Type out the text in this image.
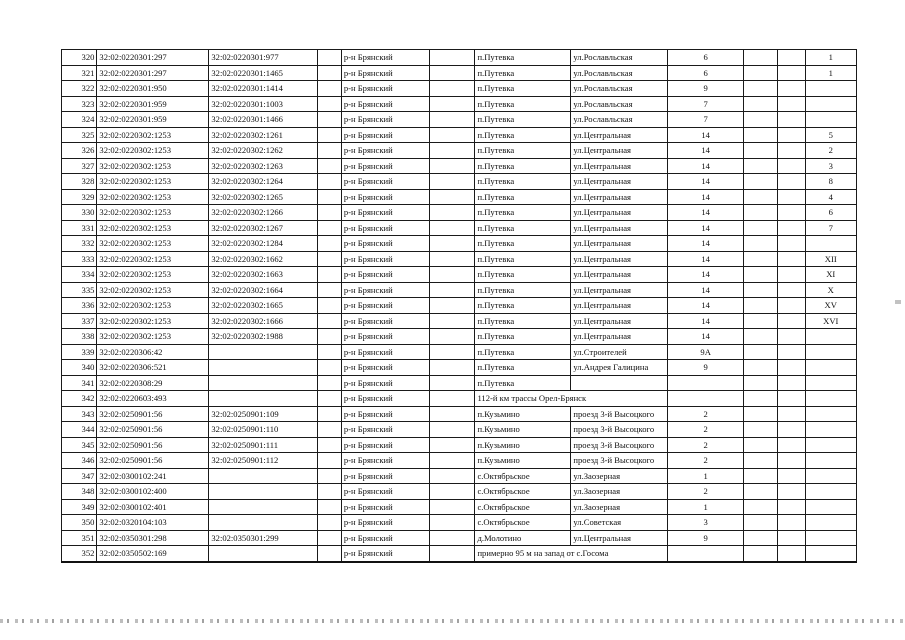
320	32:02:0220301:297	32:02:0220301:977		р-н Брянский		п.Путевка	ул.Рославльская	6			1
321	32:02:0220301:297	32:02:0220301:1465		р-н Брянский		п.Путевка	ул.Рославльская	6			1
322	32:02:0220301:950	32:02:0220301:1414		р-н Брянский		п.Путевка	ул.Рославльская	9			
323	32:02:0220301:959	32:02:0220301:1003		р-н Брянский		п.Путевка	ул.Рославльская	7			
324	32:02:0220301:959	32:02:0220301:1466		р-н Брянский		п.Путевка	ул.Рославльская	7			
325	32:02:0220302:1253	32:02:0220302:1261		р-н Брянский		п.Путевка	ул.Центральная	14			5
326	32:02:0220302:1253	32:02:0220302:1262		р-н Брянский		п.Путевка	ул.Центральная	14			2
327	32:02:0220302:1253	32:02:0220302:1263		р-н Брянский		п.Путевка	ул.Центральная	14			3
328	32:02:0220302:1253	32:02:0220302:1264		р-н Брянский		п.Путевка	ул.Центральная	14			8
329	32:02:0220302:1253	32:02:0220302:1265		р-н Брянский		п.Путевка	ул.Центральная	14			4
330	32:02:0220302:1253	32:02:0220302:1266		р-н Брянский		п.Путевка	ул.Центральная	14			6
331	32:02:0220302:1253	32:02:0220302:1267		р-н Брянский		п.Путевка	ул.Центральная	14			7
332	32:02:0220302:1253	32:02:0220302:1284		р-н Брянский		п.Путевка	ул.Центральная	14			
333	32:02:0220302:1253	32:02:0220302:1662		р-н Брянский		п.Путевка	ул.Центральная	14			XII
334	32:02:0220302:1253	32:02:0220302:1663		р-н Брянский		п.Путевка	ул.Центральная	14			XI
335	32:02:0220302:1253	32:02:0220302:1664		р-н Брянский		п.Путевка	ул.Центральная	14			X
336	32:02:0220302:1253	32:02:0220302:1665		р-н Брянский		п.Путевка	ул.Центральная	14			XV
337	32:02:0220302:1253	32:02:0220302:1666		р-н Брянский		п.Путевка	ул.Центральная	14			XVI
338	32:02:0220302:1253	32:02:0220302:1988		р-н Брянский		п.Путевка	ул.Центральная	14			
339	32:02:0220306:42			р-н Брянский		п.Путевка	ул.Строителей	9А			
340	32:02:0220306:521			р-н Брянский		п.Путевка	ул.Андрея Галицина	9			
341	32:02:0220308:29			р-н Брянский		п.Путевка					
342	32:02:0220603:493			р-н Брянский		112-й км трассы Орел-Брянск					
343	32:02:0250901:56	32:02:0250901:109		р-н Брянский		п.Кузьмино	проезд 3-й Высоцкого	2			
344	32:02:0250901:56	32:02:0250901:110		р-н Брянский		п.Кузьмино	проезд 3-й Высоцкого	2			
345	32:02:0250901:56	32:02:0250901:111		р-н Брянский		п.Кузьмино	проезд 3-й Высоцкого	2			
346	32:02:0250901:56	32:02:0250901:112		р-н Брянский		п.Кузьмино	проезд 3-й Высоцкого	2			
347	32:02:0300102:241			р-н Брянский		с.Октябрьское	ул.Заозерная	1			
348	32:02:0300102:400			р-н Брянский		с.Октябрьское	ул.Заозерная	2			
349	32:02:0300102:401			р-н Брянский		с.Октябрьское	ул.Заозерная	1			
350	32:02:0320104:103			р-н Брянский		с.Октябрьское	ул.Советская	3			
351	32:02:0350301:298	32:02:0350301:299		р-н Брянский		д.Молотино	ул.Центральная	9			
352	32:02:0350502:169			р-н Брянский		примерно 95 м на запад от с.Госома					
